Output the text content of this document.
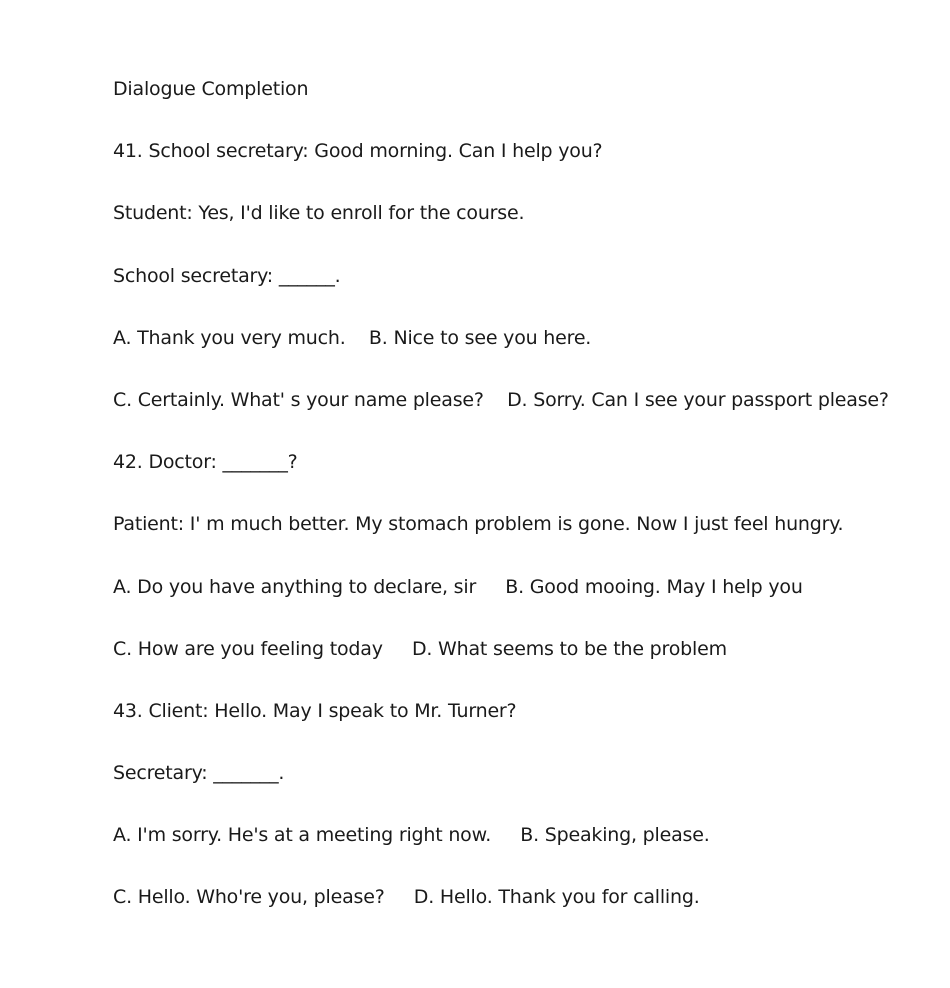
Dialogue Completion
41. School secretary: Good morning. Can I help you?
Student: Yes, I'd like to enroll for the course.
School secretary: ______.
A. Thank you very much.    B. Nice to see you here.
C. Certainly. What' s your name please?    D. Sorry. Can I see your passport please?
42. Doctor: _______?
Patient: I' m much better. My stomach problem is gone. Now I just feel hungry.
A. Do you have anything to declare, sir     B. Good mooing. May I help you
C. How are you feeling today     D. What seems to be the problem
43. Client: Hello. May I speak to Mr. Turner?
Secretary: _______.
A. I'm sorry. He's at a meeting right now.     B. Speaking, please.
C. Hello. Who're you, please?     D. Hello. Thank you for calling.
